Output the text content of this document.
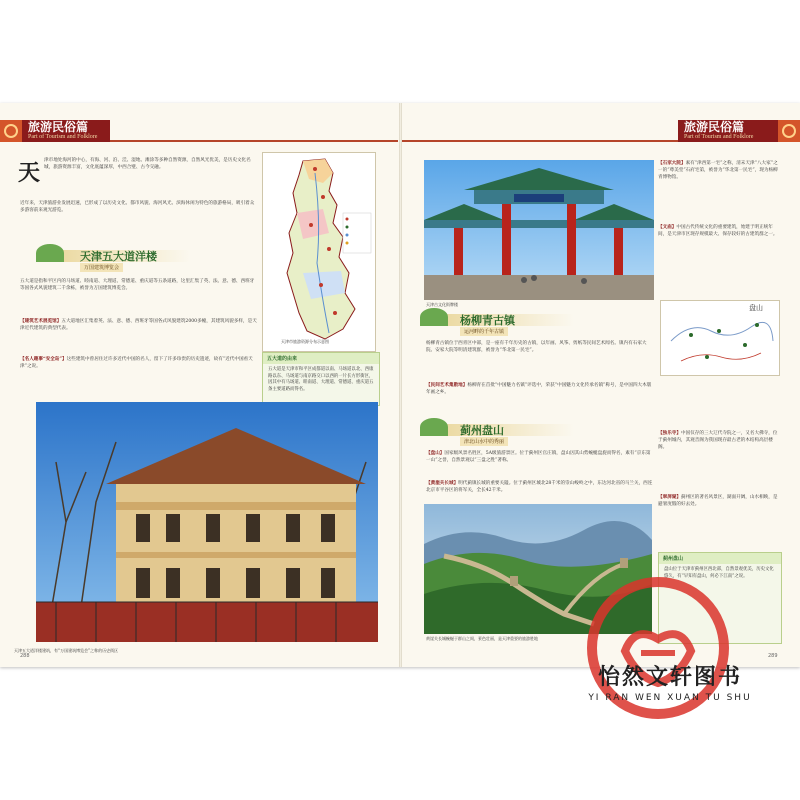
旅游民俗篇
Part of Tourism and Folklore
旅游民俗篇
Part of Tourism and Folklore
天 津市地处海河的中心，有海、河、泊、洼、湿地、滩涂等多种自然资源，自然风光优美，是历史文化名城，旅游资源丰富，文化底蕴深厚，中西合璧、古今交融。

近年来，天津旅游业发展迅速，已形成了以历史文化、都市风貌、海河风光、滨海休闲为特色的旅游格局，吸引着众多游客前来观光游览。

天津市旅游资源分布示意图
天津五大道洋楼
万国建筑博览会

五大道是指和平区内的马场道、睦南道、大理道、常德道、重庆道等五条道路，这里汇集了英、法、意、德、西班牙等国各式风貌建筑二千余栋，被誉为万国建筑博览会。

【建筑艺术展览馆】五大道地区汇集着英、法、意、德、西班牙等国各式风貌建筑2000多幢，其建筑风貌多样，是天津近代建筑的典型代表。

【名人趣事“安全岛”】这些建筑中曾居住过许多近代中国的名人，留下了许多珍贵的历史遗迹，故有“近代中国看天津”之说。

五大道的由来
五大道是天津市和平区成都道以南、马场道以北、西康路以东、马场道与南京路交口以西的一片长方形街区，因其中有马场道、睦南道、大理道、常德道、重庆道五条主要道路而得名。
天津五大道洋楼建筑，有“万国建筑博览会”之称的历史街区
288
天津古文化街牌楼

【石家大院】素有“津西第一宅”之称，清末天津“八大家”之一的“尊美堂”石府宅第，被誉为“华北第一民宅”，现为杨柳青博物馆。

【文庙】中国古代传统文化的重要建筑，始建于明正统年间，是天津市区现存规模最大、保存较好的古建筑群之一。

盘山
杨柳青古镇
运河畔的千年古镇

杨柳青古镇位于西青区中部，是一座有千年历史的古镇，以年画、风筝、剪纸等民间艺术闻名。镇内有石家大院、安家大院等明清建筑群，被誉为“华北第一民宅”。

【民间艺术集散地】杨柳青在首批“中国魅力名镇”评选中，荣获“中国魅力文化传承名镇”称号，是中国四大木版年画之乡。

蓟州盘山
津北山水中的秀丽

【盘山】国家级风景名胜区，5A级旅游景区。位于蓟州区官庄镇，盘山因其山势蜿蜒盘旋而得名，素有“京东第一山”之誉，自然景观以“三盘之胜”著称。

【黄崖关长城】明代蓟镇长城的重要关隘。位于蓟州区城北28千米的崇山峻岭之中，东达河北省的马兰关，西连北京市平谷区的将军关，全长42千米。

【独乐寺】中国仅存的三大辽代寺院之一，又名大佛寺，位于蓟州城内，其观音阁为我国现存最古老的木结构高层楼阁。

【翠屏湖】蓟州区的著名风景区，湖面开阔，山水相映，是避暑度假的好去处。

黄崖关长城蜿蜒于群山之间，景色壮丽，是天津重要的旅游胜地
蓟州盘山
盘山位于天津市蓟州区西北部，自然景观优美，历史文化悠久，有“早知有盘山，何必下江南”之说。
289
怡然文轩图书
YI RAN WEN XUAN TU SHU
